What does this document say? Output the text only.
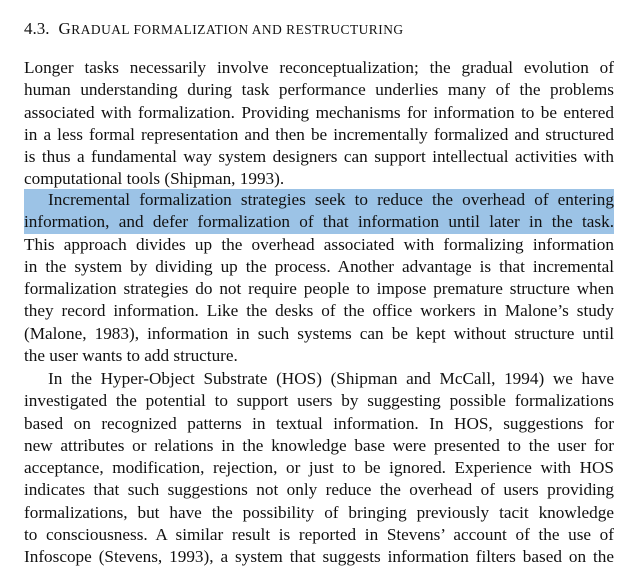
4.3. GRADUAL FORMALIZATION AND RESTRUCTURING
Longer tasks necessarily involve reconceptualization; the gradual evolution of
human understanding during task performance underlies many of the problems
associated with formalization. Providing mechanisms for information to be entered
in a less formal representation and then be incrementally formalized and structured
is thus a fundamental way system designers can support intellectual activities with
computational tools (Shipman, 1993).
Incremental formalization strategies seek to reduce the overhead of entering
information, and defer formalization of that information until later in the task.
This approach divides up the overhead associated with formalizing information
in the system by dividing up the process. Another advantage is that incremental
formalization strategies do not require people to impose premature structure when
they record information. Like the desks of the office workers in Malone’s study
(Malone, 1983), information in such systems can be kept without structure until
the user wants to add structure.
In the Hyper-Object Substrate (HOS) (Shipman and McCall, 1994) we have
investigated the potential to support users by suggesting possible formalizations
based on recognized patterns in textual information. In HOS, suggestions for
new attributes or relations in the knowledge base were presented to the user for
acceptance, modification, rejection, or just to be ignored. Experience with HOS
indicates that such suggestions not only reduce the overhead of users providing
formalizations, but have the possibility of bringing previously tacit knowledge
to consciousness. A similar result is reported in Stevens’ account of the use of
Infoscope (Stevens, 1993), a system that suggests information filters based on the
